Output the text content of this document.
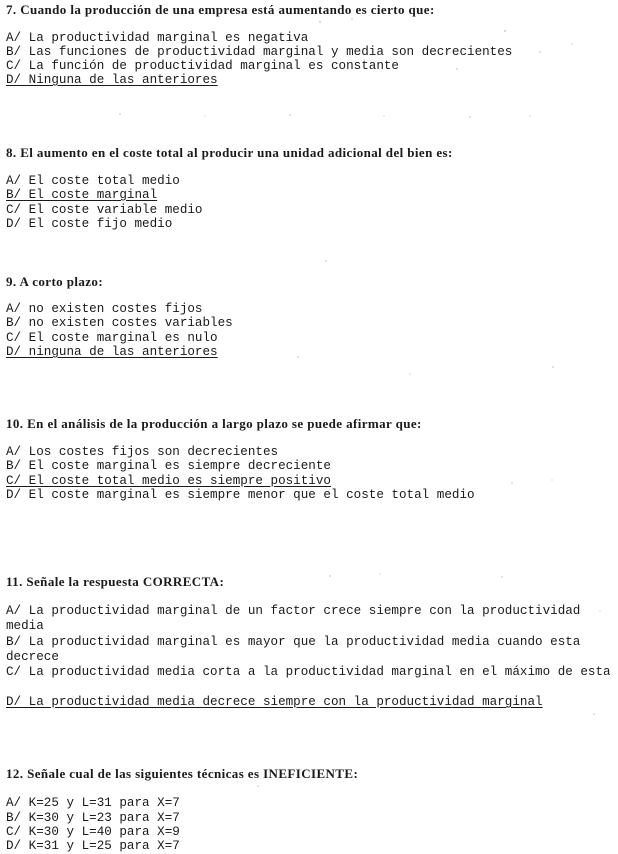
7. Cuando la producción de una empresa está aumentando es cierto que:

A/ La productividad marginal es negativa

B/ Las funciones de productividad marginal y media son decrecientes

C/ La función de productividad marginal es constante

D/ Ninguna de las anteriores

8. El aumento en el coste total al producir una unidad adicional del bien es:

A/ El coste total medio

B/ El coste marginal

C/ El coste variable medio

D/ El coste fijo medio

9. A corto plazo:

A/ no existen costes fijos

B/ no existen costes variables

C/ El coste marginal es nulo

D/ ninguna de las anteriores

10. En el análisis de la producción a largo plazo se puede afirmar que:

A/ Los costes fijos son decrecientes

B/ El coste marginal es siempre decreciente

C/ El coste total medio es siempre positivo

D/ El coste marginal es siempre menor que el coste total medio

11. Señale la respuesta CORRECTA:

A/ La productividad marginal de un factor crece siempre con la productividad media

B/ La productividad marginal es mayor que la productividad media cuando esta decrece

C/ La productividad media corta a la productividad marginal en el máximo de esta

D/ La productividad media decrece siempre con la productividad marginal

12. Señale cual de las siguientes técnicas es INEFICIENTE:

A/ K=25 y L=31 para X=7

B/ K=30 y L=23 para X=7

C/ K=30 y L=40 para X=9

D/ K=31 y L=25 para X=7
